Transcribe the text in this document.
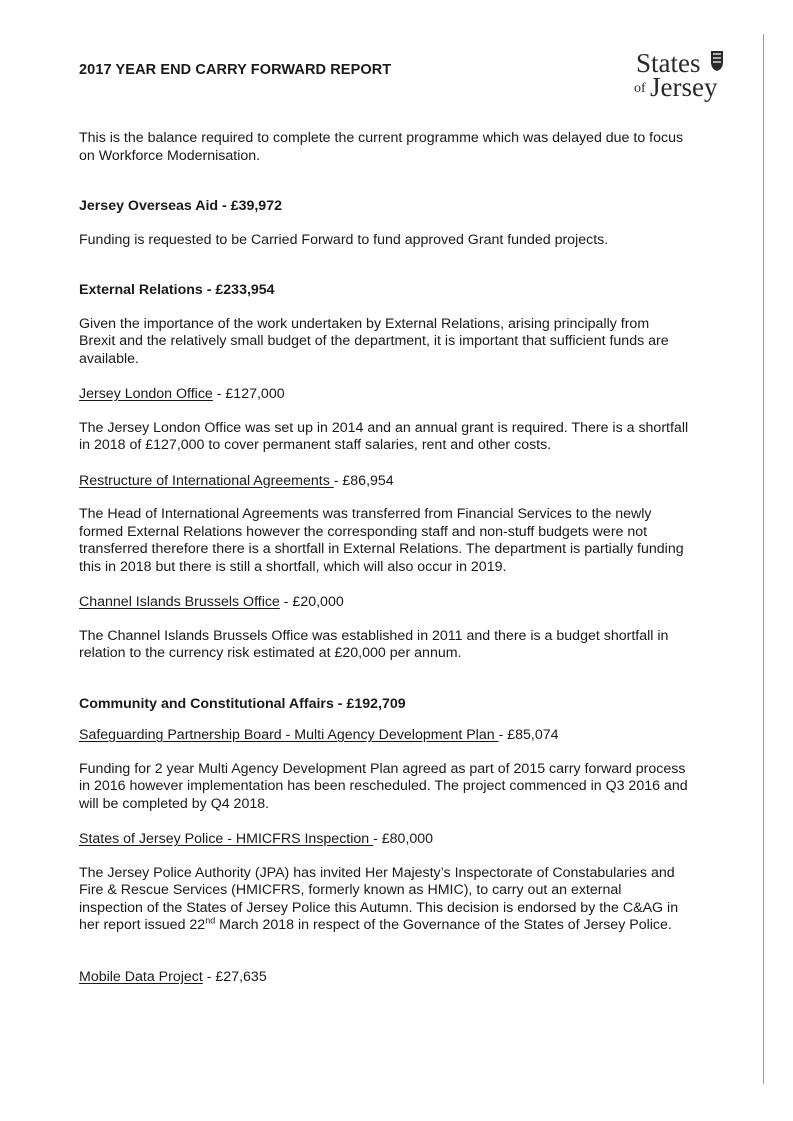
2017 YEAR END CARRY FORWARD REPORT	States
of Jersey

This is the balance required to complete the current programme which was delayed due to focus on Workforce Modernisation.

Jersey Overseas Aid - £39,972

Funding is requested to be Carried Forward to fund approved Grant funded projects.

External Relations - £233,954

Given the importance of the work undertaken by External Relations, arising principally from Brexit and the relatively small budget of the department, it is important that sufficient funds are available.

Jersey London Office - £127,000

The Jersey London Office was set up in 2014 and an annual grant is required. There is a shortfall in 2018 of £127,000 to cover permanent staff salaries, rent and other costs.

Restructure of International Agreements - £86,954

The Head of International Agreements was transferred from Financial Services to the newly formed External Relations however the corresponding staff and non-stuff budgets were not transferred therefore there is a shortfall in External Relations. The department is partially funding this in 2018 but there is still a shortfall, which will also occur in 2019.

Channel Islands Brussels Office - £20,000

The Channel Islands Brussels Office was established in 2011 and there is a budget shortfall in relation to the currency risk estimated at £20,000 per annum.

Community and Constitutional Affairs - £192,709
Safeguarding Partnership Board - Multi Agency Development Plan - £85,074

Funding for 2 year Multi Agency Development Plan agreed as part of 2015 carry forward process in 2016 however implementation has been rescheduled. The project commenced in Q3 2016 and will be completed by Q4 2018.

States of Jersey Police - HMICFRS Inspection - £80,000

The Jersey Police Authority (JPA) has invited Her Majesty’s Inspectorate of Constabularies and Fire & Rescue Services (HMICFRS, formerly known as HMIC), to carry out an external inspection of the States of Jersey Police this Autumn. This decision is endorsed by the C&AG in her report issued 22nd March 2018 in respect of the Governance of the States of Jersey Police.

Mobile Data Project - £27,635
